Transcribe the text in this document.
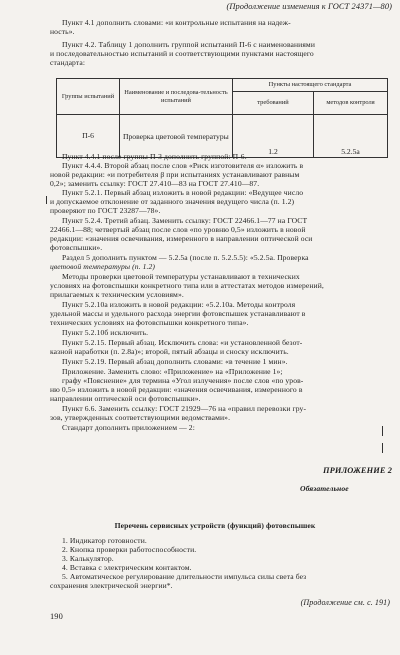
(Продолжение изменения к ГОСТ 24371—80)
Пункт 4.1 дополнить словами: «и контрольные испытания на надеж-
ность».
Пункт 4.2. Таблицу 1 дополнить группой испытаний П-6 с наименованиями
и последовательностью испытаний и соответствующими пунктами настоящего
стандарта:
Группы испытаний	Наименование и последова-тельность испытаний	Пункты настоящего стандарта	
		требований	методов контроля
П-6	Проверка цветовой температуры	1.2	5.2.5а
Пункт 4.4.1 после группы П-3 дополнить группой: П-6.
Пункт 4.4.4. Второй абзац после слов «Риск изготовителя α» изложить в
новой редакции: «и потребителя β при испытаниях устанавливают равным
0,2»; заменить ссылку: ГОСТ 27.410—83 на ГОСТ 27.410—87.
Пункт 5.2.1. Первый абзац изложить в новой редакции: «Ведущее число
и допускаемое отклонение от заданного значения ведущего числа (п. 1.2)
проверяют по ГОСТ 23287—78».
Пункт 5.2.4. Третий абзац. Заменить ссылку: ГОСТ 22466.1—77 на ГОСТ
22466.1—88; четвертый абзац после слов «по уровню 0,5» изложить в новой
редакции: «значения освечивания, измеренного в направлении оптической оси
фотовспышки».
Раздел 5 дополнить пунктом — 5.2.5а (после п. 5.2.5.5): «5.2.5а. Проверка
цветовой температуры (п. 1.2)
Методы проверки цветовой температуры устанавливают в технических
условиях на фотовспышки конкретного типа или в аттестатах методов измерений,
прилагаемых к техническим условиям».
Пункт 5.2.10а изложить в новой редакции: «5.2.10а. Методы контроля
удельной массы и удельного расхода энергии фотовспышек устанавливают в
технических условиях на фотовспышки конкретного типа».
Пункт 5.2.10б исключить.
Пункт 5.2.15. Первый абзац. Исключить слова: «и установленной безот-
казной наработки (п. 2.8а)»; второй, пятый абзацы и сноску исключить.
Пункт 5.2.19. Первый абзац дополнить словами: «в течение 1 мин».
Приложение. Заменить слово: «Приложение» на «Приложение 1»;
графу «Пояснение» для термина «Угол излучения» после слов «по уров-
ню 0,5» изложить в новой редакции: «значения освечивания, измеренного в
направлении оптической оси фотовспышки».
Пункт 6.6. Заменить ссылку: ГОСТ 21929—76 на «правил перевозки гру-
зов, утвержденных соответствующими ведомствами».
Стандарт дополнить приложением — 2:
ПРИЛОЖЕНИЕ 2
Обязательное
Перечень сервисных устройств (функций) фотовспышек
1. Индикатор готовности.
2. Кнопка проверки работоспособности.
3. Калькулятор.
4. Вставка с электрическим контактом.
5. Автоматическое регулирование длительности импульса силы света без
сохранения электрической энергии*.
(Продолжение см. с. 191)
190
